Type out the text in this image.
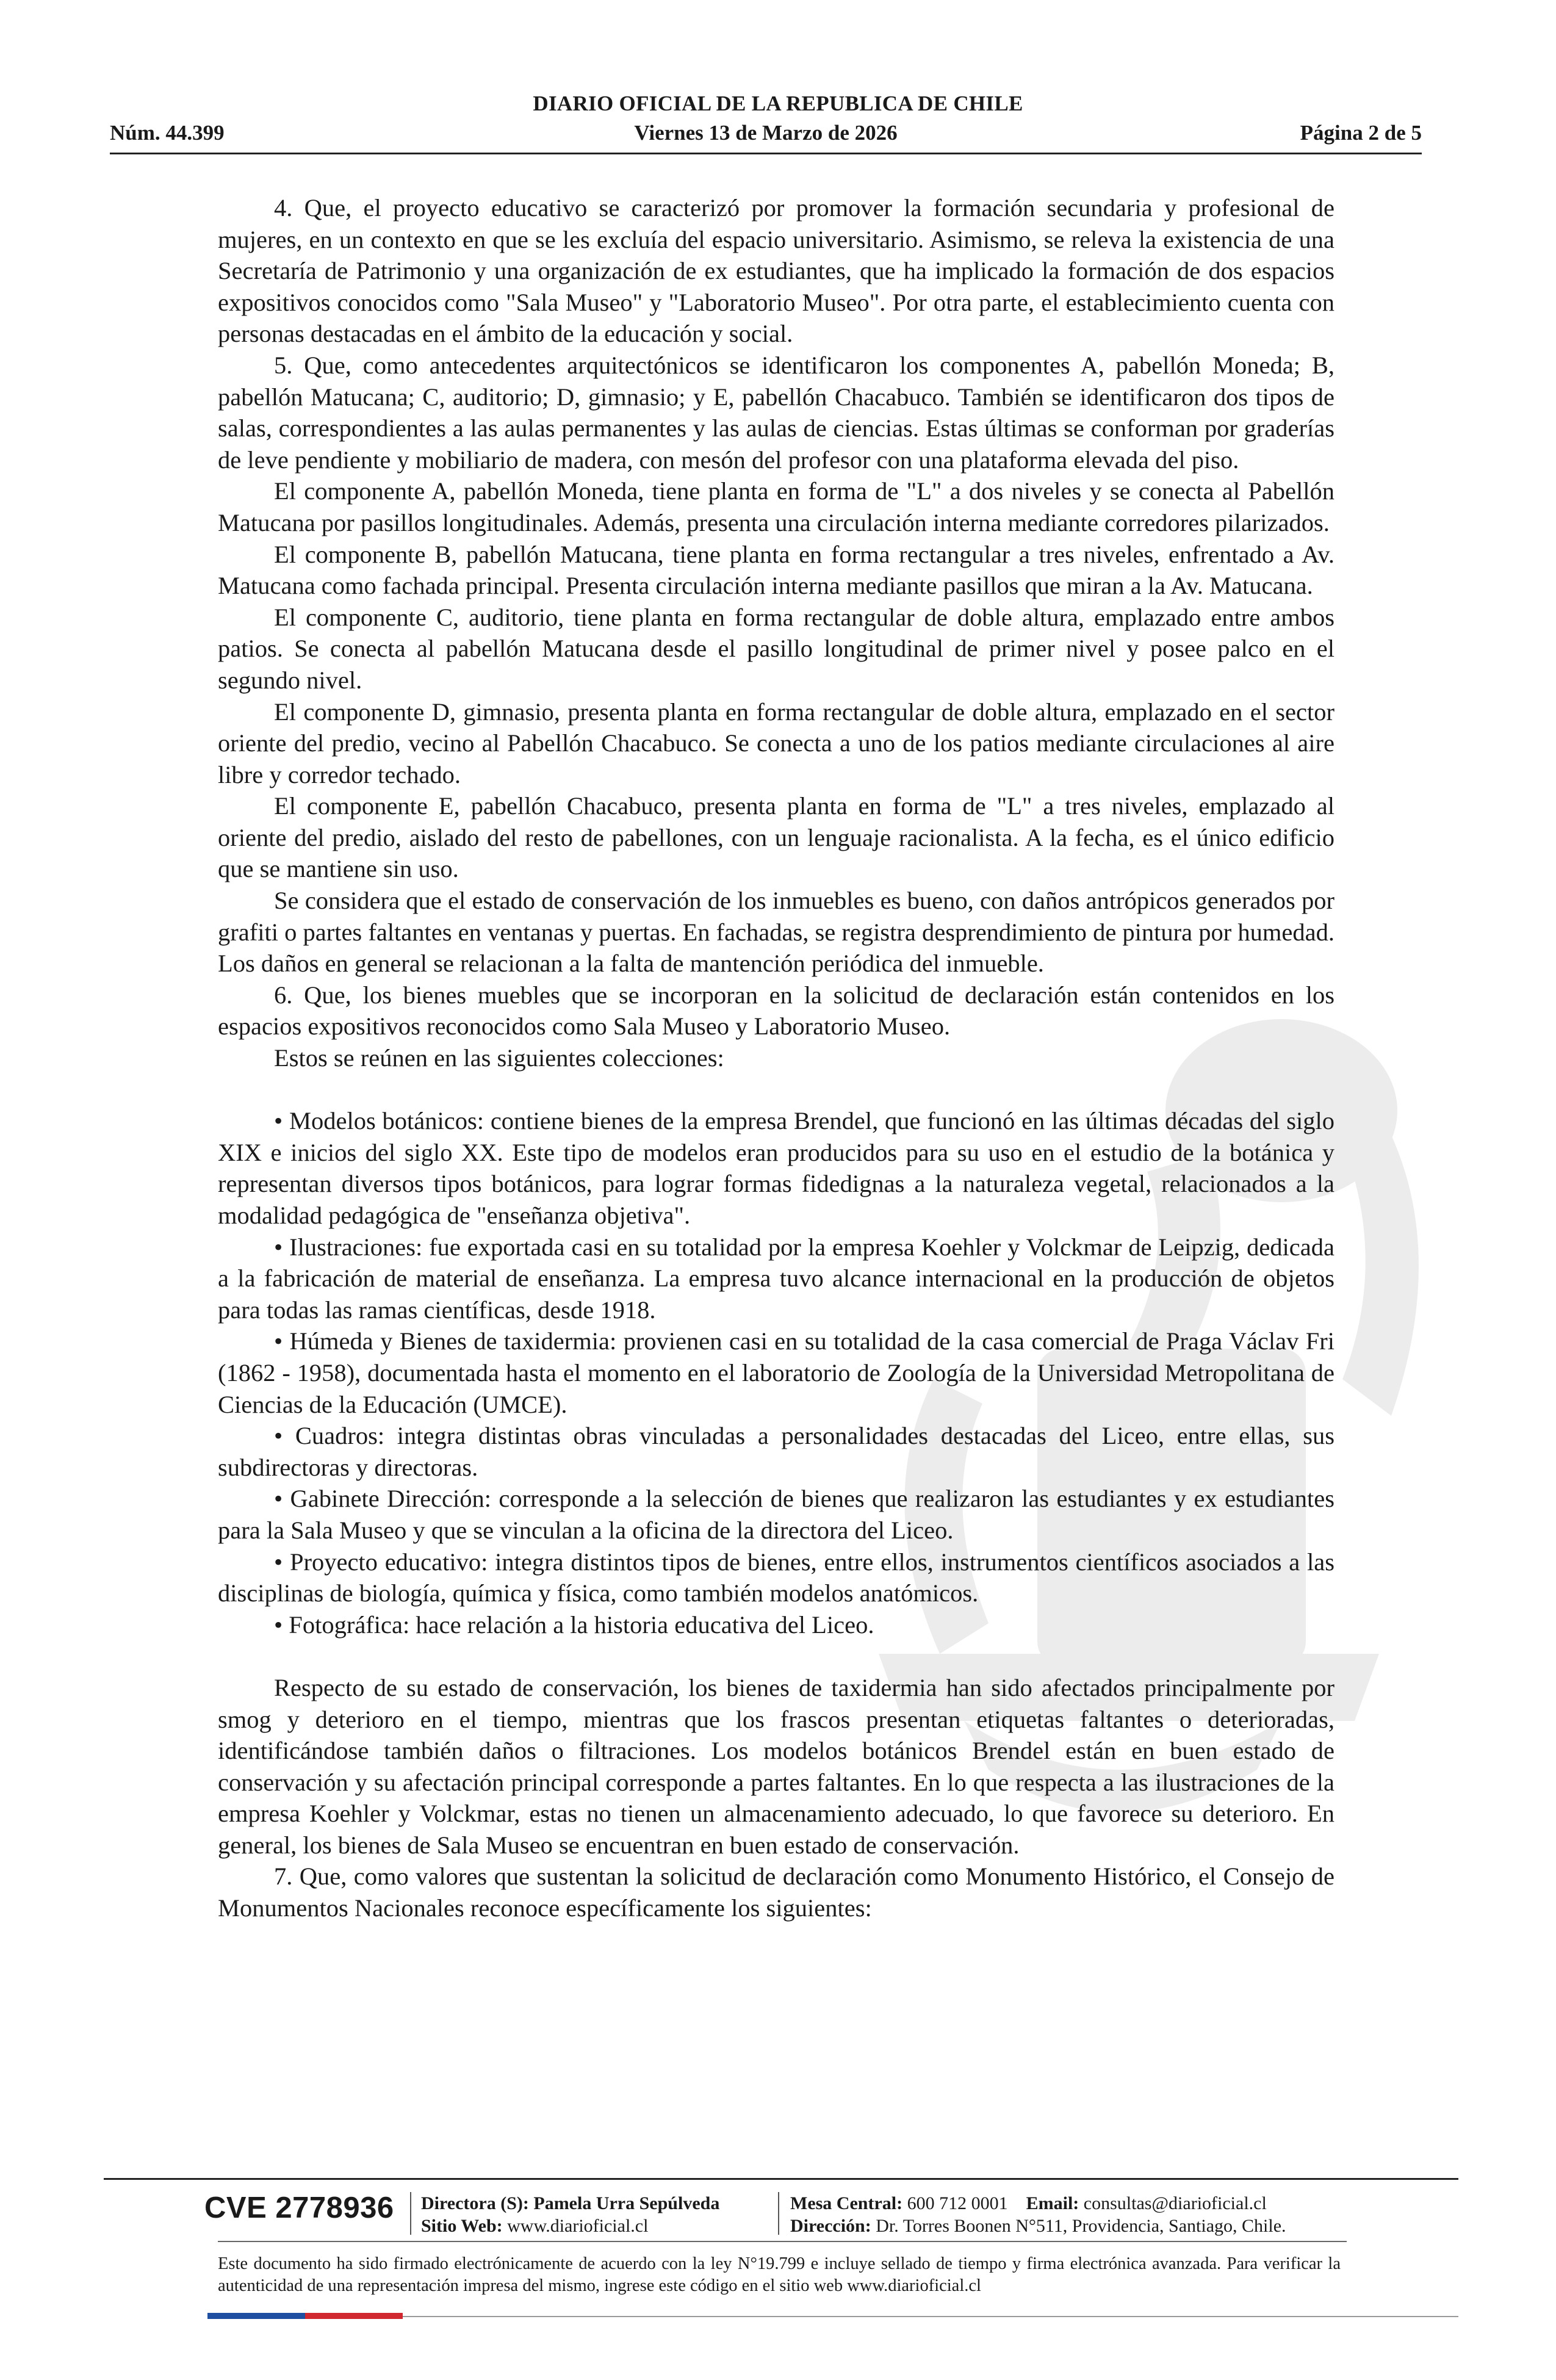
DIARIO OFICIAL DE LA REPUBLICA DE CHILE
Núm. 44.399	Viernes 13 de Marzo de 2026	Página 2 de 5

4. Que, el proyecto educativo se caracterizó por promover la formación secundaria y profesional de mujeres, en un contexto en que se les excluía del espacio universitario. Asimismo, se releva la existencia de una Secretaría de Patrimonio y una organización de ex estudiantes, que ha implicado la formación de dos espacios expositivos conocidos como "Sala Museo" y "Laboratorio Museo". Por otra parte, el establecimiento cuenta con personas destacadas en el ámbito de la educación y social.

5. Que, como antecedentes arquitectónicos se identificaron los componentes A, pabellón Moneda; B, pabellón Matucana; C, auditorio; D, gimnasio; y E, pabellón Chacabuco. También se identificaron dos tipos de salas, correspondientes a las aulas permanentes y las aulas de ciencias. Estas últimas se conforman por graderías de leve pendiente y mobiliario de madera, con mesón del profesor con una plataforma elevada del piso.

El componente A, pabellón Moneda, tiene planta en forma de "L" a dos niveles y se conecta al Pabellón Matucana por pasillos longitudinales. Además, presenta una circulación interna mediante corredores pilarizados.

El componente B, pabellón Matucana, tiene planta en forma rectangular a tres niveles, enfrentado a Av. Matucana como fachada principal. Presenta circulación interna mediante pasillos que miran a la Av. Matucana.

El componente C, auditorio, tiene planta en forma rectangular de doble altura, emplazado entre ambos patios. Se conecta al pabellón Matucana desde el pasillo longitudinal de primer nivel y posee palco en el segundo nivel.

El componente D, gimnasio, presenta planta en forma rectangular de doble altura, emplazado en el sector oriente del predio, vecino al Pabellón Chacabuco. Se conecta a uno de los patios mediante circulaciones al aire libre y corredor techado.

El componente E, pabellón Chacabuco, presenta planta en forma de "L" a tres niveles, emplazado al oriente del predio, aislado del resto de pabellones, con un lenguaje racionalista. A la fecha, es el único edificio que se mantiene sin uso.

Se considera que el estado de conservación de los inmuebles es bueno, con daños antrópicos generados por grafiti o partes faltantes en ventanas y puertas. En fachadas, se registra desprendimiento de pintura por humedad. Los daños en general se relacionan a la falta de mantención periódica del inmueble.

6. Que, los bienes muebles que se incorporan en la solicitud de declaración están contenidos en los espacios expositivos reconocidos como Sala Museo y Laboratorio Museo.

Estos se reúnen en las siguientes colecciones:

• Modelos botánicos: contiene bienes de la empresa Brendel, que funcionó en las últimas décadas del siglo XIX e inicios del siglo XX. Este tipo de modelos eran producidos para su uso en el estudio de la botánica y representan diversos tipos botánicos, para lograr formas fidedignas a la naturaleza vegetal, relacionados a la modalidad pedagógica de "enseñanza objetiva".

• Ilustraciones: fue exportada casi en su totalidad por la empresa Koehler y Volckmar de Leipzig, dedicada a la fabricación de material de enseñanza. La empresa tuvo alcance internacional en la producción de objetos para todas las ramas científicas, desde 1918.

• Húmeda y Bienes de taxidermia: provienen casi en su totalidad de la casa comercial de Praga Václav Fri (1862 - 1958), documentada hasta el momento en el laboratorio de Zoología de la Universidad Metropolitana de Ciencias de la Educación (UMCE).

• Cuadros: integra distintas obras vinculadas a personalidades destacadas del Liceo, entre ellas, sus subdirectoras y directoras.

• Gabinete Dirección: corresponde a la selección de bienes que realizaron las estudiantes y ex estudiantes para la Sala Museo y que se vinculan a la oficina de la directora del Liceo.

• Proyecto educativo: integra distintos tipos de bienes, entre ellos, instrumentos científicos asociados a las disciplinas de biología, química y física, como también modelos anatómicos.

• Fotográfica: hace relación a la historia educativa del Liceo.

Respecto de su estado de conservación, los bienes de taxidermia han sido afectados principalmente por smog y deterioro en el tiempo, mientras que los frascos presentan etiquetas faltantes o deterioradas, identificándose también daños o filtraciones. Los modelos botánicos Brendel están en buen estado de conservación y su afectación principal corresponde a partes faltantes. En lo que respecta a las ilustraciones de la empresa Koehler y Volckmar, estas no tienen un almacenamiento adecuado, lo que favorece su deterioro. En general, los bienes de Sala Museo se encuentran en buen estado de conservación.

7. Que, como valores que sustentan la solicitud de declaración como Monumento Histórico, el Consejo de Monumentos Nacionales reconoce específicamente los siguientes:

CVE 2778936 Directora (S): Pamela Urra Sepúlveda
Sitio Web: www.diarioficial.cl
Mesa Central: 600 712 0001 Email: consultas@diarioficial.cl
Dirección: Dr. Torres Boonen N°511, Providencia, Santiago, Chile.
Este documento ha sido firmado electrónicamente de acuerdo con la ley N°19.799 e incluye sellado de tiempo y firma electrónica avanzada. Para verificar la autenticidad de una representación impresa del mismo, ingrese este código en el sitio web www.diarioficial.cl
